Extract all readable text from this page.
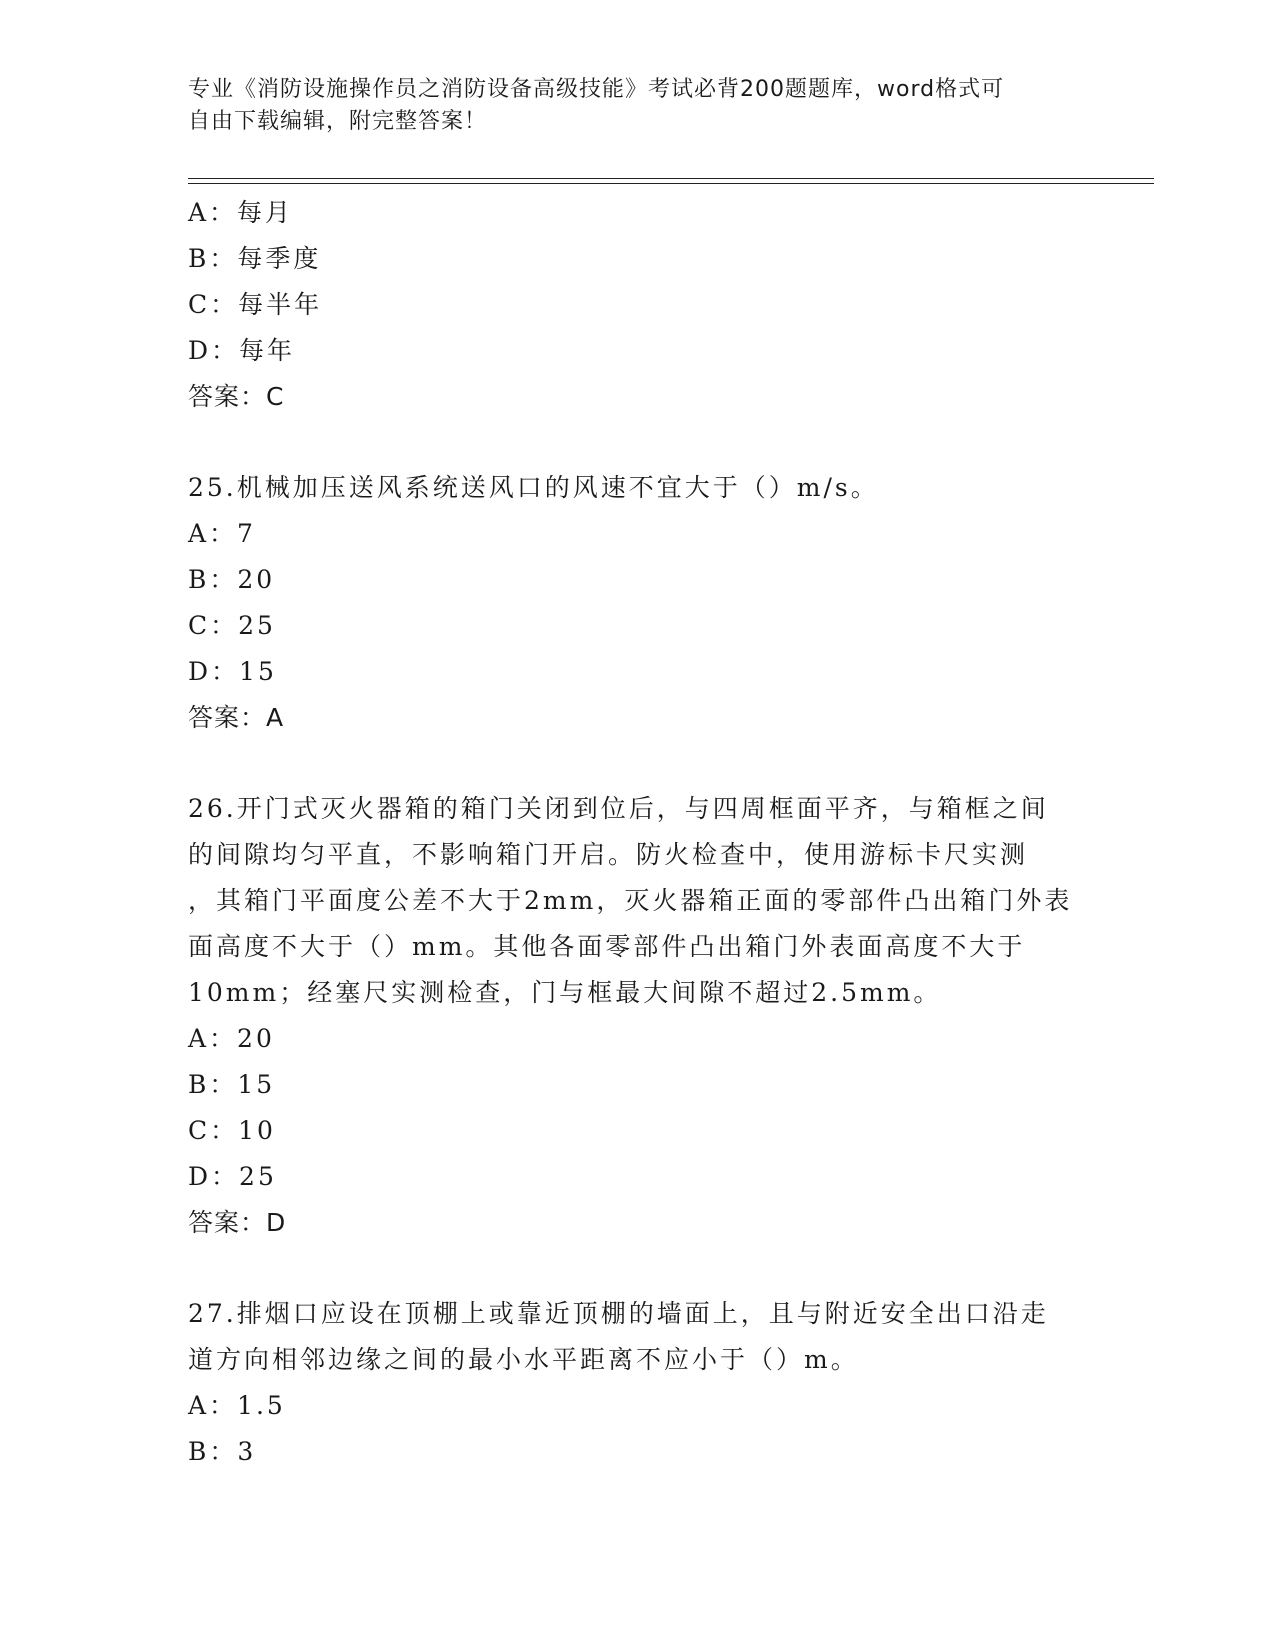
专业《消防设施操作员之消防设备高级技能》考试必背200题题库，word格式可
自由下载编辑，附完整答案！
A：每月
B：每季度
C：每半年
D：每年
答案：C
25.机械加压送风系统送风口的风速不宜大于（）m/s。
A：7
B：20
C：25
D：15
答案：A
26.开门式灭火器箱的箱门关闭到位后，与四周框面平齐，与箱框之间
的间隙均匀平直，不影响箱门开启。防火检查中，使用游标卡尺实测
，其箱门平面度公差不大于2mm，灭火器箱正面的零部件凸出箱门外表
面高度不大于（）mm。其他各面零部件凸出箱门外表面高度不大于
10mm；经塞尺实测检查，门与框最大间隙不超过2.5mm。
A：20
B：15
C：10
D：25
答案：D
27.排烟口应设在顶棚上或靠近顶棚的墙面上，且与附近安全出口沿走
道方向相邻边缘之间的最小水平距离不应小于（）m。
A：1.5
B：3
